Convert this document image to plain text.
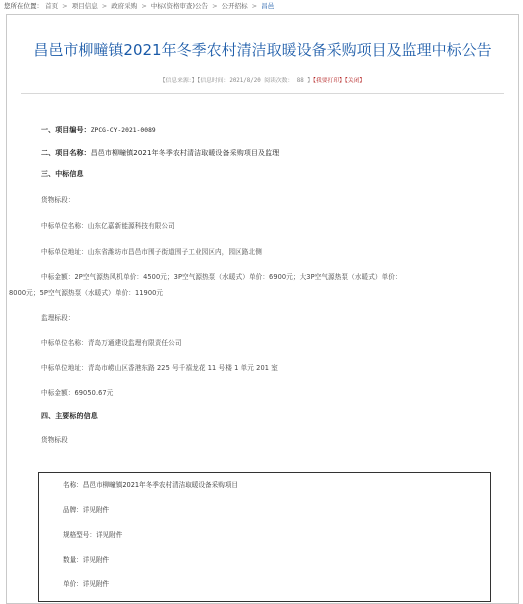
您所在位置： 首页 > 项目信息 > 政府采购 > 中标(资格审查)公告 > 公开招标 > 昌邑
昌邑市柳疃镇2021年冬季农村清洁取暖设备采购项目及监理中标公告
【信息来源：】【信息时间：2021/8/20 阅读次数： 88 】【我要打印】【关闭】
一、项目编号：ZPCG-CY-2021-0089
二、项目名称：昌邑市柳疃镇2021年冬季农村清洁取暖设备采购项目及监理
三、中标信息
货物标段：
中标单位名称：山东亿嘉新能源科技有限公司
中标单位地址：山东省潍坊市昌邑市围子街道围子工业园区内，园区路北侧
中标金额：2P空气源热风机单价：4500元；3P空气源热泵（水暖式）单价：6900元；大3P空气源热泵（水暖式）单价：
8000元；5P空气源热泵（水暖式）单价：11900元
监理标段：
中标单位名称：青岛万通建设监理有限责任公司
中标单位地址：青岛市崂山区香港东路 225 号千禧龙花 11 号楼 1 单元 201 室
中标金额：69050.67元
四、主要标的信息
货物标段
名称：昌邑市柳疃镇2021年冬季农村清洁取暖设备采购项目
品牌：详见附件
规格型号：详见附件
数量：详见附件
单价：详见附件
